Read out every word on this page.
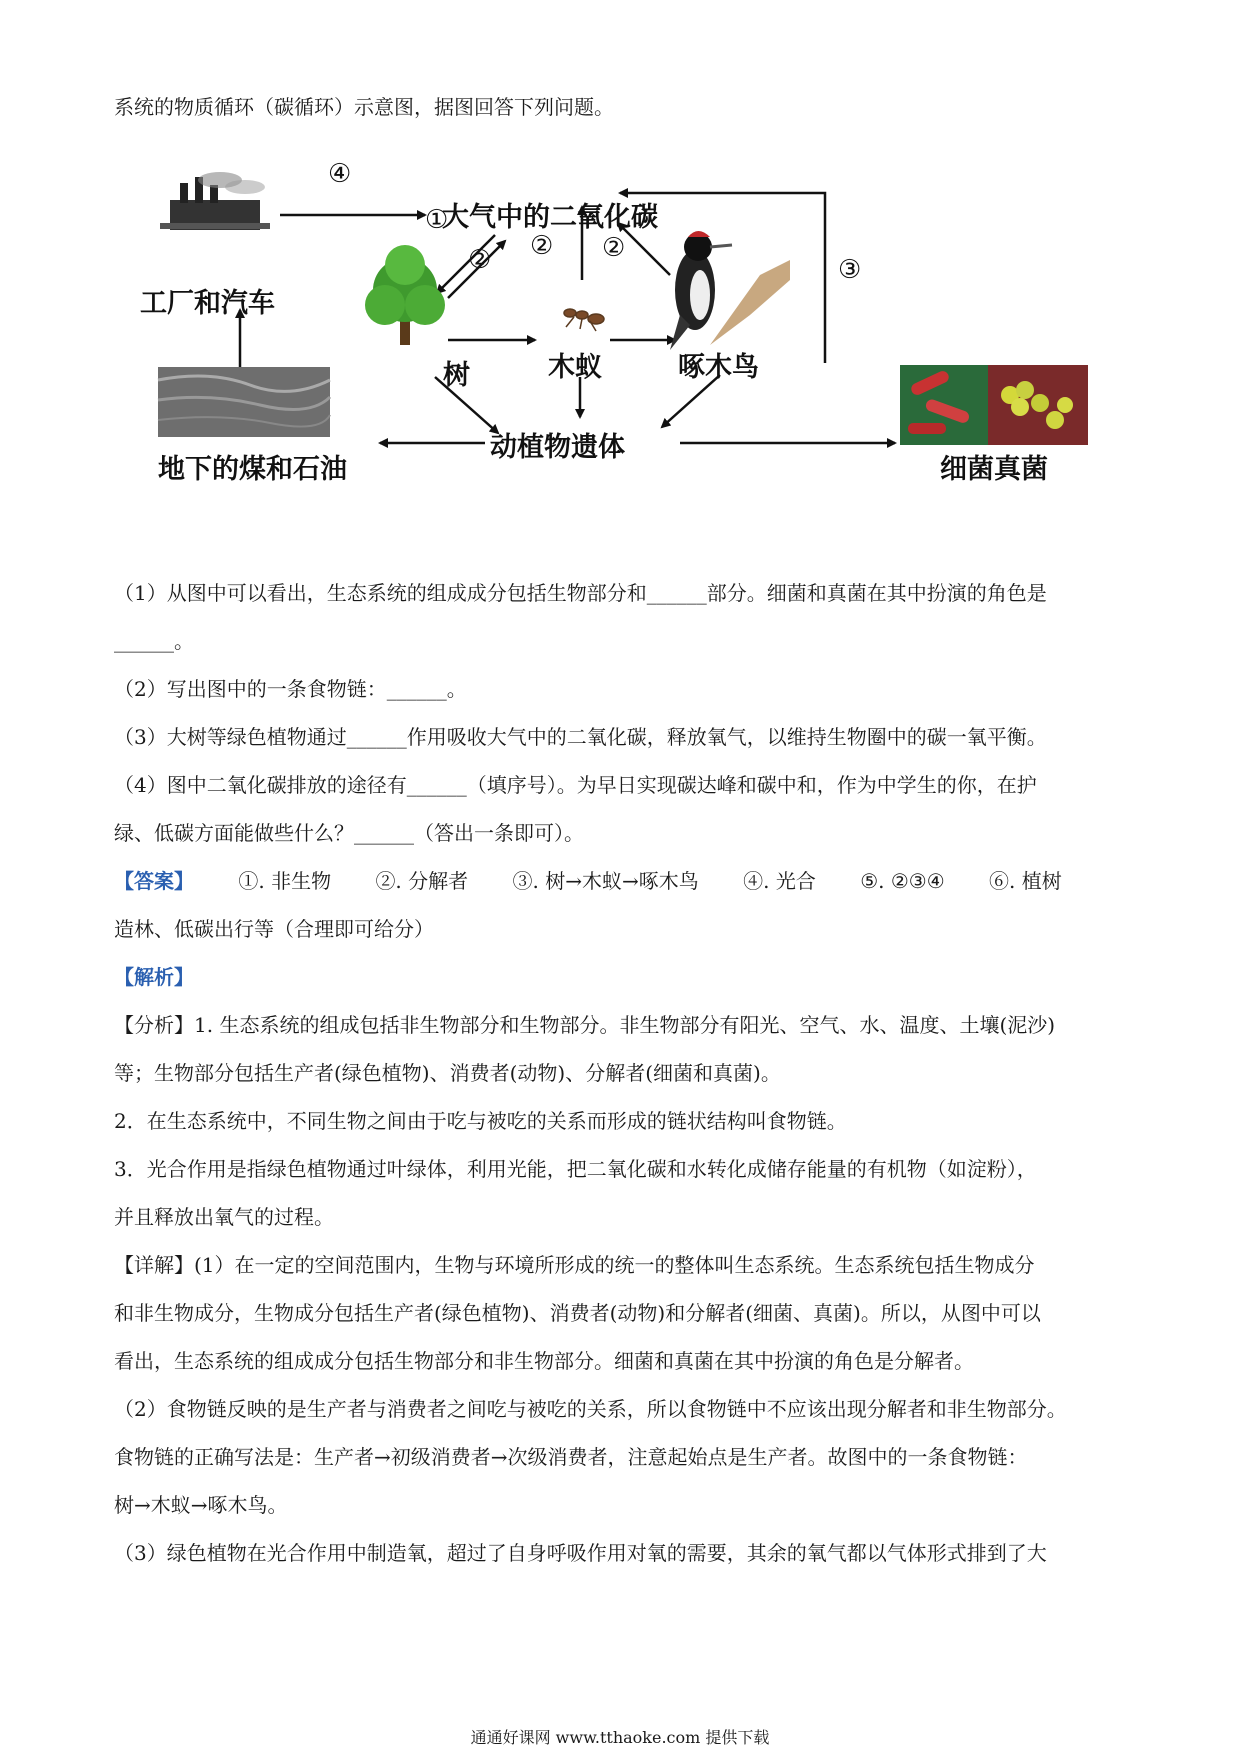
系统的物质循环（碳循环）示意图，据图回答下列问题。
④
①
② ② ②
③
大气中的二氧化碳
工厂和汽车
树	木蚁	啄木鸟
地下的煤和石油
动植物遗体
细菌真菌
（1）从图中可以看出，生态系统的组成成分包括生物部分和______部分。细菌和真菌在其中扮演的角色是
______。
（2）写出图中的一条食物链：______。
（3）大树等绿色植物通过______作用吸收大气中的二氧化碳，释放氧气，以维持生物圈中的碳一氧平衡。
（4）图中二氧化碳排放的途径有______（填序号）。为早日实现碳达峰和碳中和，作为中学生的你，在护
绿、低碳方面能做些什么？______（答出一条即可）。
【答案】 ①. 非生物 ②. 分解者 ③. 树→木蚁→啄木鸟 ④. 光合 ⑤. ②③④ ⑥. 植树
造林、低碳出行等（合理即可给分）
【解析】
【分析】1. 生态系统的组成包括非生物部分和生物部分。非生物部分有阳光、空气、水、温度、土壤(泥沙)
等；生物部分包括生产者(绿色植物)、消费者(动物)、分解者(细菌和真菌)。
2．在生态系统中，不同生物之间由于吃与被吃的关系而形成的链状结构叫食物链。
3．光合作用是指绿色植物通过叶绿体，利用光能，把二氧化碳和水转化成储存能量的有机物（如淀粉），
并且释放出氧气的过程。
【详解】(1）在一定的空间范围内，生物与环境所形成的统一的整体叫生态系统。生态系统包括生物成分
和非生物成分，生物成分包括生产者(绿色植物)、消费者(动物)和分解者(细菌、真菌)。所以，从图中可以
看出，生态系统的组成成分包括生物部分和非生物部分。细菌和真菌在其中扮演的角色是分解者。
（2）食物链反映的是生产者与消费者之间吃与被吃的关系，所以食物链中不应该出现分解者和非生物部分。
食物链的正确写法是：生产者→初级消费者→次级消费者，注意起始点是生产者。故图中的一条食物链：
树→木蚁→啄木鸟。
（3）绿色植物在光合作用中制造氧，超过了自身呼吸作用对氧的需要，其余的氧气都以气体形式排到了大
通通好课网 www.tthaoke.com 提供下载
